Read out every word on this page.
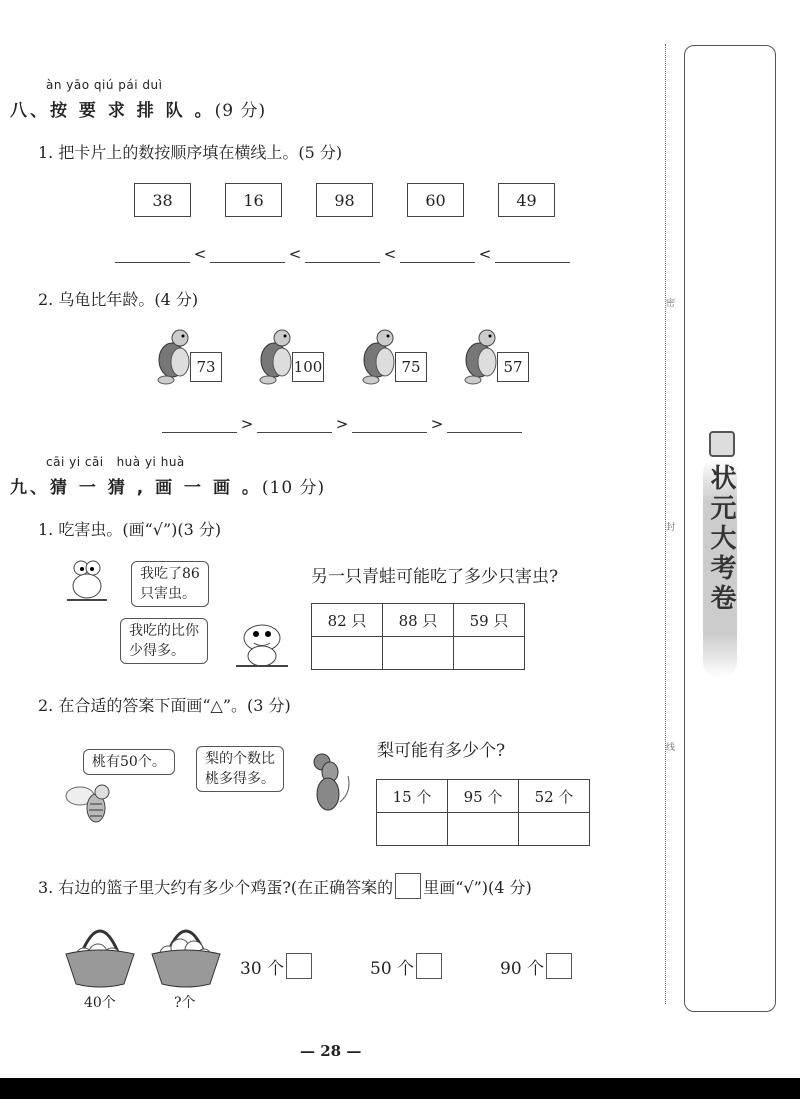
àn yāo qiú pái duì
八、按 要 求 排 队 。(9 分)
1. 把卡片上的数按顺序填在横线上。(5 分)
38	16	98	60	49
<	<	<	<
2. 乌龟比年龄。(4 分)
73	100	75	57
>	>	>
cāi yi cāi   huà yi huà
九、猜 一 猜 , 画 一 画 。(10 分)
1. 吃害虫。(画“√”)(3 分)
我吃了86
只害虫。
我吃的比你
少得多。
另一只青蛙可能吃了多少只害虫?
82 只	88 只	59 只

2. 在合适的答案下面画“△”。(3 分)
桃有50个。	梨的个数比
桃多得多。
梨可能有多少个?
15 个	95 个	52 个

3. 右边的篮子里大约有多少个鸡蛋?(在正确答案的 里画“√”)(4 分)
40个	?个
30 个	50 个	90 个
密
封
线
状元大考卷
— 28 —
